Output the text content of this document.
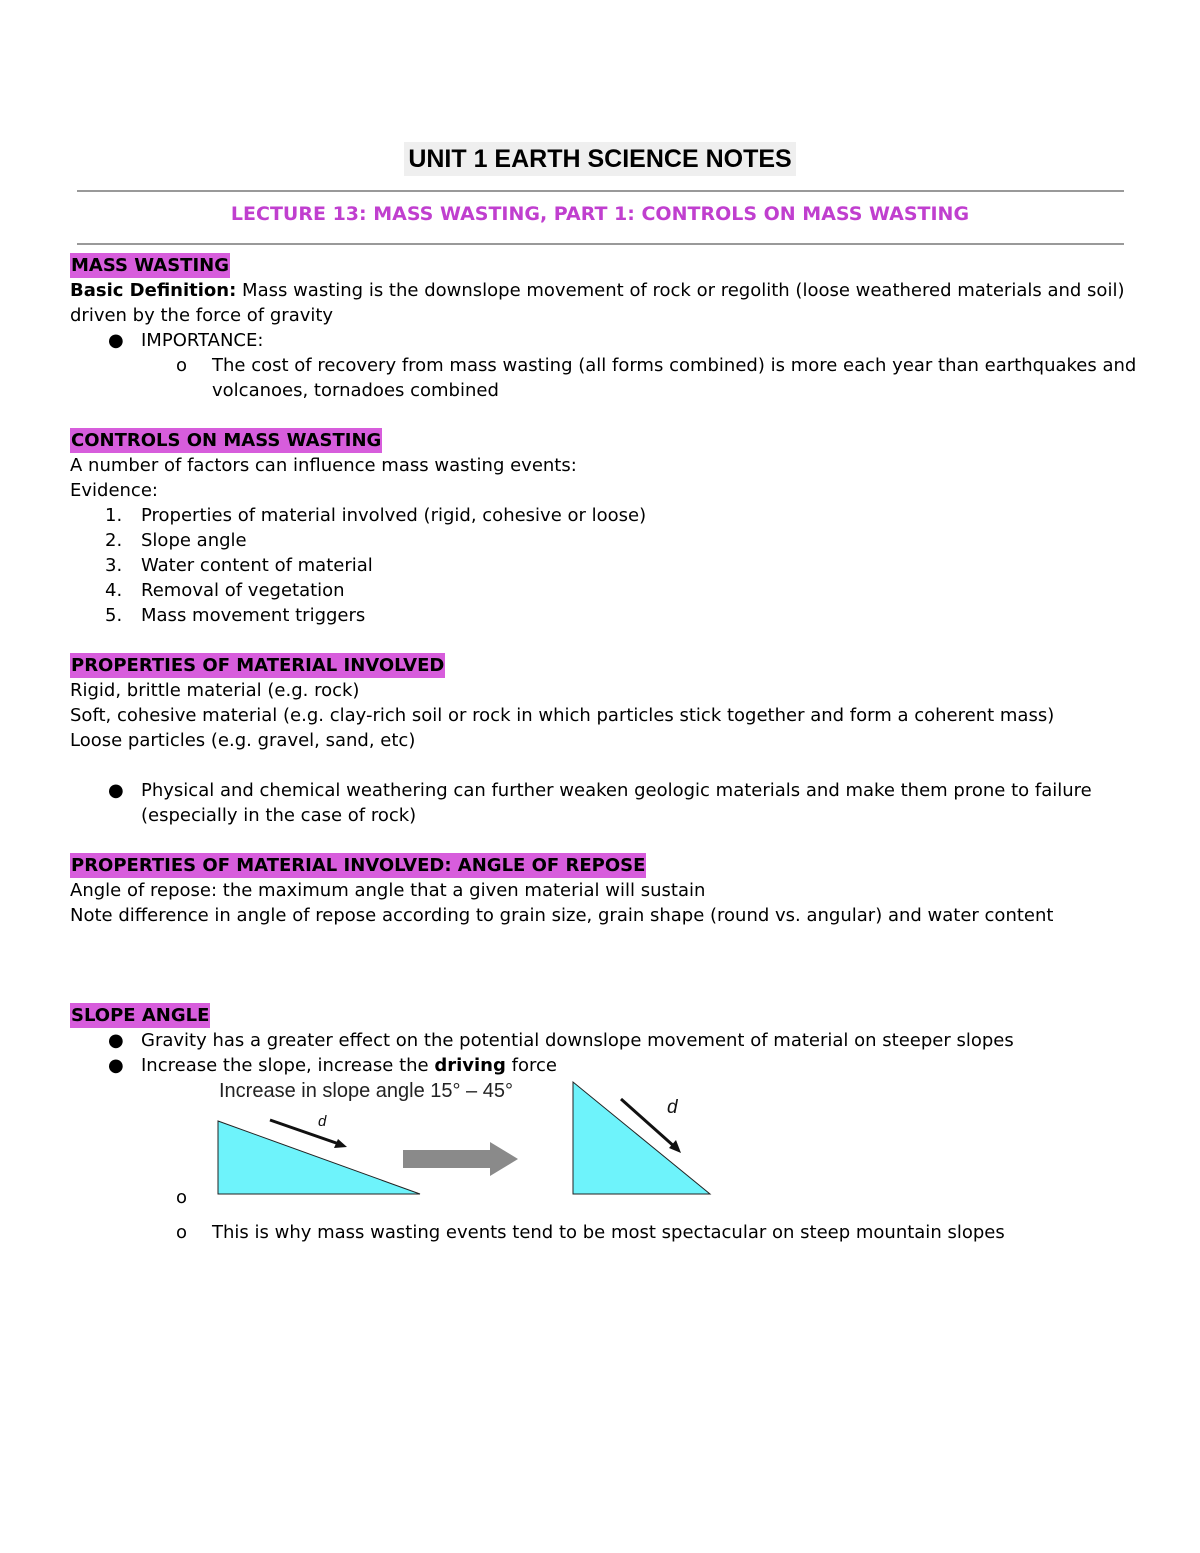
UNIT 1 EARTH SCIENCE NOTES
LECTURE 13: MASS WASTING, PART 1: CONTROLS ON MASS WASTING

MASS WASTING

Basic Definition: Mass wasting is the downslope movement of rock or regolith (loose weathered materials and soil) driven by the force of gravity

● IMPORTANCE:
o The cost of recovery from mass wasting (all forms combined) is more each year than earthquakes and volcanoes, tornadoes combined

CONTROLS ON MASS WASTING

A number of factors can influence mass wasting events:

Evidence:

1. Properties of material involved (rigid, cohesive or loose)
2. Slope angle
3. Water content of material
4. Removal of vegetation
5. Mass movement triggers

PROPERTIES OF MATERIAL INVOLVED

Rigid, brittle material (e.g. rock)

Soft, cohesive material (e.g. clay-rich soil or rock in which particles stick together and form a coherent mass)

Loose particles (e.g. gravel, sand, etc)

● Physical and chemical weathering can further weaken geologic materials and make them prone to failure (especially in the case of rock)

PROPERTIES OF MATERIAL INVOLVED: ANGLE OF REPOSE

Angle of repose: the maximum angle that a given material will sustain

Note difference in angle of repose according to grain size, grain shape (round vs. angular) and water content

SLOPE ANGLE

● Gravity has a greater effect on the potential downslope movement of material on steeper slopes
● Increase the slope, increase the driving force
o
Increase in slope angle 15° – 45°
d
d
o This is why mass wasting events tend to be most spectacular on steep mountain slopes
